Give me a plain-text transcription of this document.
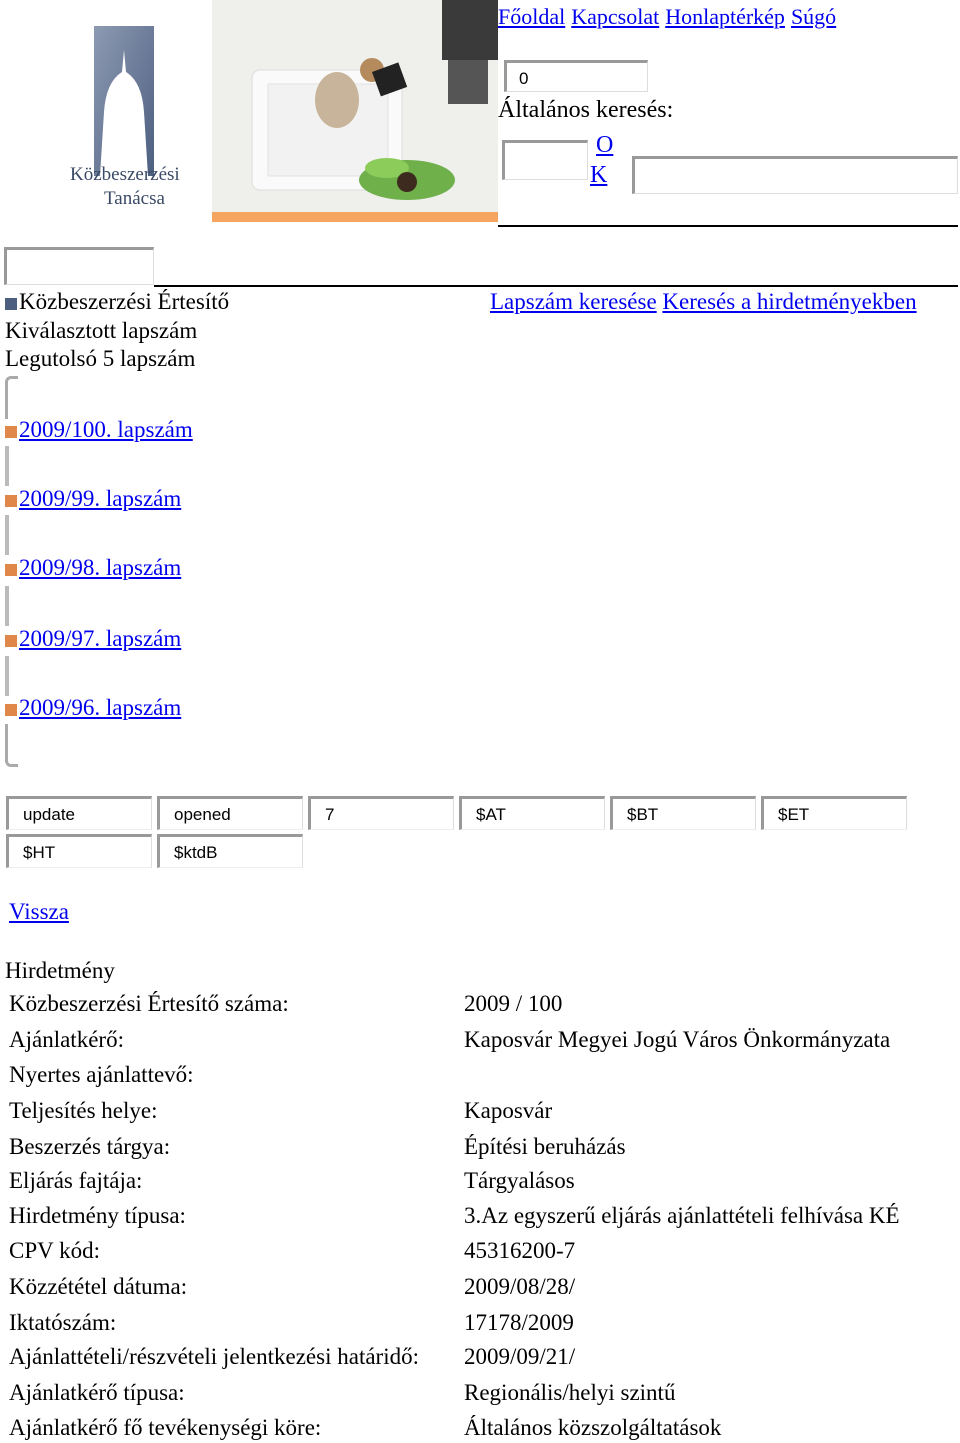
Közbeszerzési
Tanácsa
Főoldal Kapcsolat Honlaptérkép Súgó
0
Általános keresés:
O
K
Közbeszerzési Értesítő	Lapszám keresése Keresés a hirdetményekben
Kiválasztott lapszám
Legutolsó 5 lapszám
2009/100. lapszám
2009/99. lapszám
2009/98. lapszám
2009/97. lapszám
2009/96. lapszám
update	opened	7	$AT	$BT	$ET
$HT	$ktdB
Vissza
Hirdetmény
Közbeszerzési Értesítő száma:	2009 / 100
Ajánlatkérő:	Kaposvár Megyei Jogú Város Önkormányzata
Nyertes ajánlattevő:
Teljesítés helye:	Kaposvár
Beszerzés tárgya:	Építési beruházás
Eljárás fajtája:	Tárgyalásos
Hirdetmény típusa:	3.Az egyszerű eljárás ajánlattételi felhívása KÉ
CPV kód:	45316200-7
Közzététel dátuma:	2009/08/28/
Iktatószám:	17178/2009
Ajánlattételi/részvételi jelentkezési határidő: 2009/09/21/
Ajánlatkérő típusa:	Regionális/helyi szintű
Ajánlatkérő fő tevékenységi köre:	Általános közszolgáltatások
